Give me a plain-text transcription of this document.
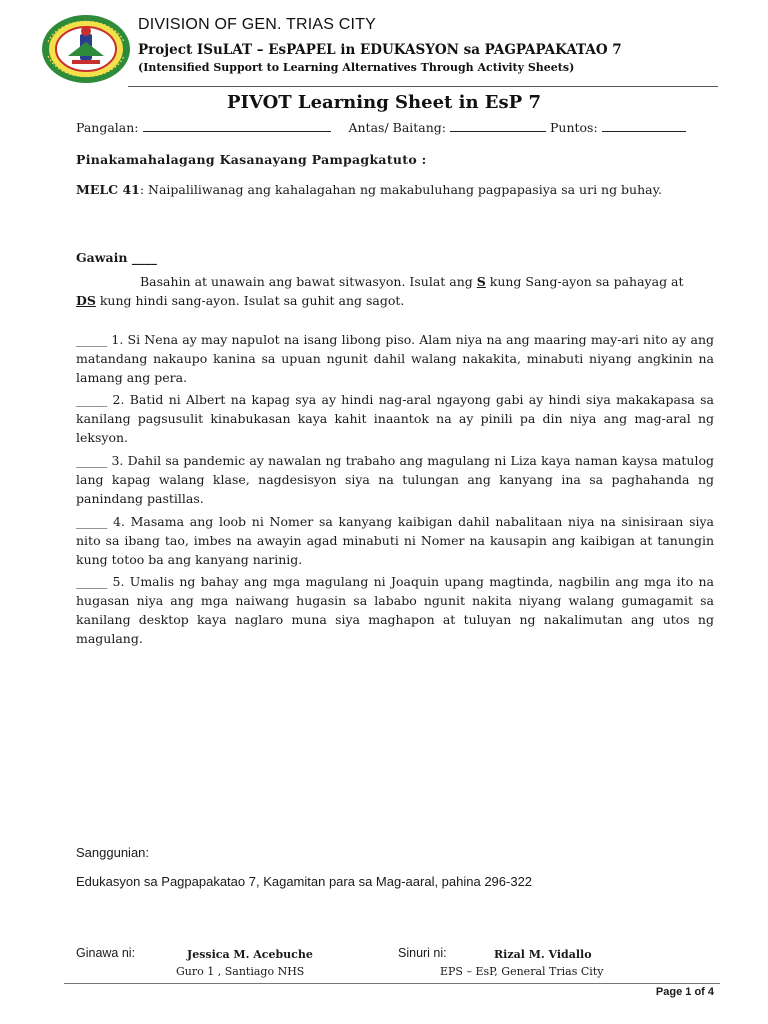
DIVISION OF GEN. TRIAS CITY
Project ISuLAT – EsPAPEL in EDUKASYON sa PAGPAPAKATAO 7
(Intensified Support to Learning Alternatives Through Activity Sheets)
PIVOT Learning Sheet in EsP 7
Pangalan:	Antas/ Baitang:	Puntos:
Pinakamahalagang Kasanayang Pampagkatuto :
MELC 41: Naipaliliwanag ang kahalagahan ng makabuluhang pagpapasiya sa uri ng buhay.
Gawain ____
Basahin at unawain ang bawat sitwasyon. Isulat ang S kung Sang-ayon sa pahayag at DS kung hindi sang-ayon. Isulat sa guhit ang sagot.
_____ 1. Si Nena ay may napulot na isang libong piso. Alam niya na ang maaring may-ari nito ay ang matandang nakaupo kanina sa upuan ngunit dahil walang nakakita, minabuti niyang angkinin na lamang ang pera.
_____ 2. Batid ni Albert na kapag sya ay hindi nag-aral ngayong gabi ay hindi siya makakapasa sa kanilang pagsusulit kinabukasan kaya kahit inaantok na ay pinili pa din niya ang mag-aral ng leksyon.
_____ 3. Dahil sa pandemic ay nawalan ng trabaho ang magulang ni Liza kaya naman kaysa matulog lang kapag walang klase, nagdesisyon siya na tulungan ang kanyang ina sa paghahanda ng panindang pastillas.
_____ 4. Masama ang loob ni Nomer sa kanyang kaibigan dahil nabalitaan niya na sinisiraan siya nito sa ibang tao, imbes na awayin agad minabuti ni Nomer na kausapin ang kaibigan at tanungin kung totoo ba ang kanyang narinig.
_____ 5. Umalis ng bahay ang mga magulang ni Joaquin upang magtinda, nagbilin ang mga ito na hugasan niya ang mga naiwang hugasin sa lababo ngunit nakita niyang walang gumagamit sa kanilang desktop kaya naglaro muna siya maghapon at tuluyan ng nakalimutan ang utos ng magulang.
Sanggunian:
Edukasyon sa Pagpapakatao 7, Kagamitan para sa Mag-aaral, pahina 296-322
Ginawa ni:	Jessica M. Acebuche
Guro 1 , Santiago NHS
Sinuri ni:	Rizal M. Vidallo
EPS – EsP, General Trias City
Page 1 of 4
